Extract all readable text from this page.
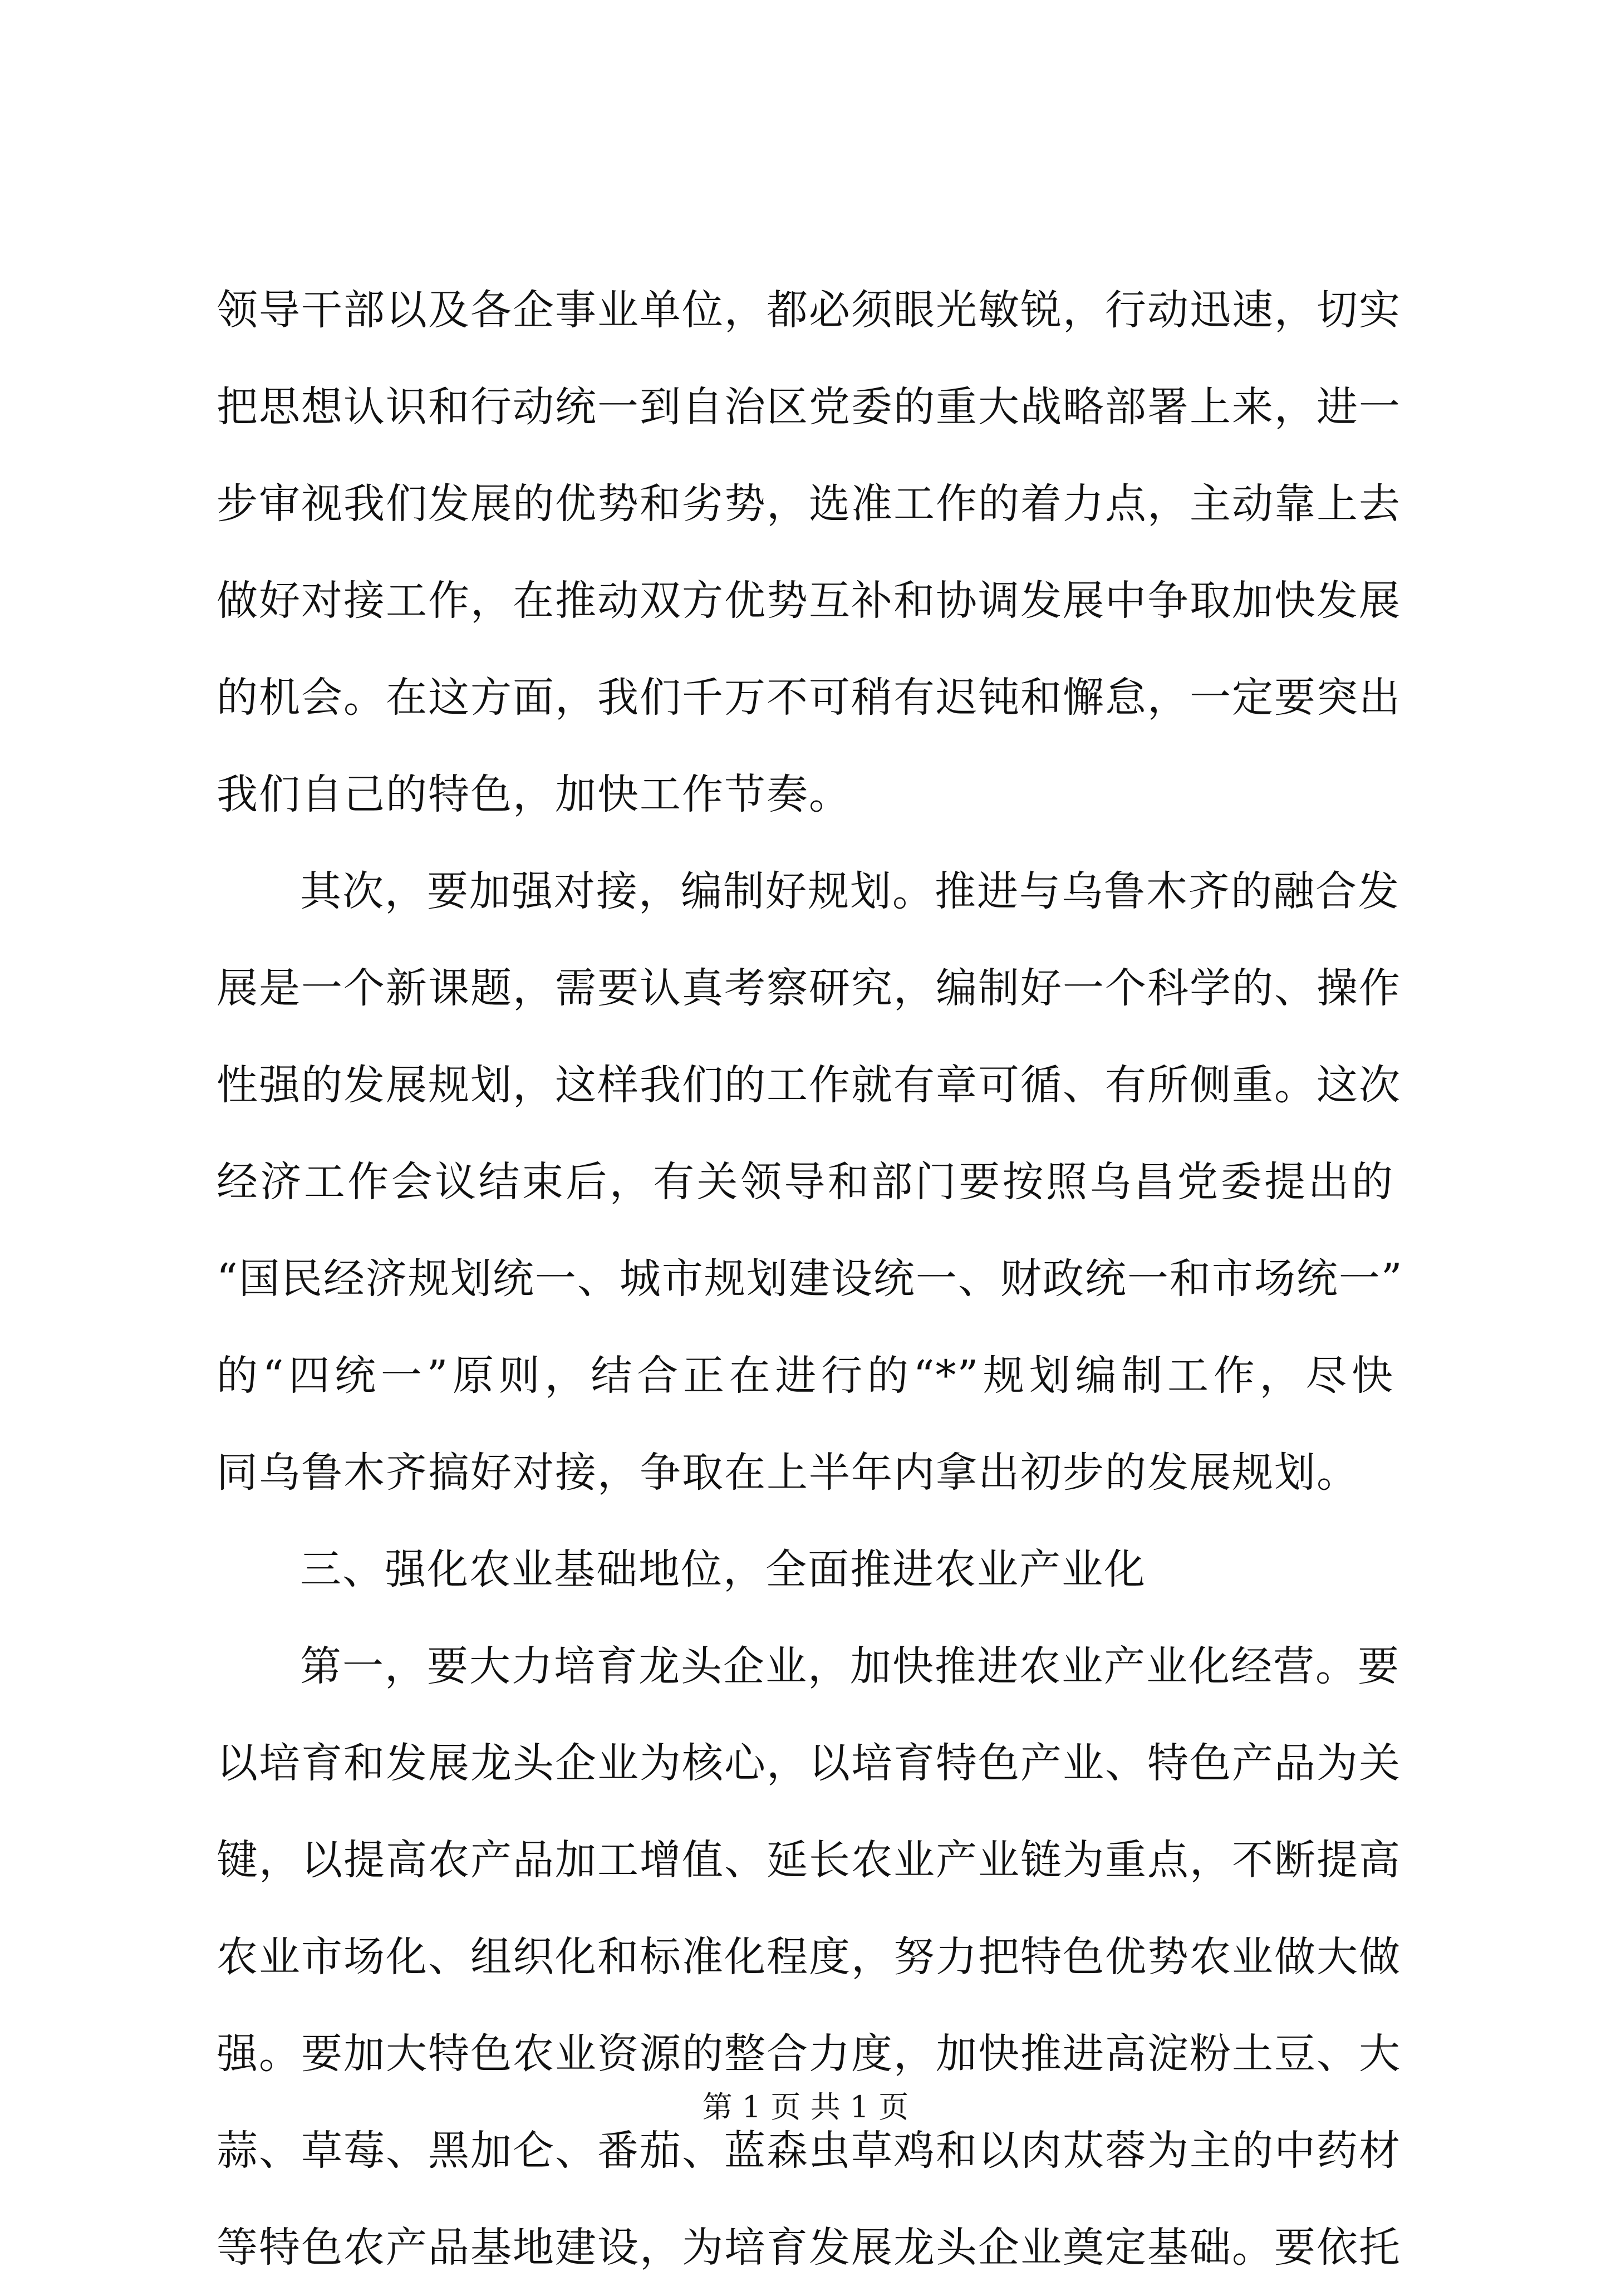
领导干部以及各企事业单位，都必须眼光敏锐，行动迅速，切实
把思想认识和行动统一到自治区党委的重大战略部署上来，进一
步审视我们发展的优势和劣势，选准工作的着力点，主动靠上去
做好对接工作，在推动双方优势互补和协调发展中争取加快发展
的机会。在这方面，我们千万不可稍有迟钝和懈怠，一定要突出
我们自己的特色，加快工作节奏。
其次，要加强对接，编制好规划。推进与乌鲁木齐的融合发
展是一个新课题，需要认真考察研究，编制好一个科学的、操作
性强的发展规划，这样我们的工作就有章可循、有所侧重。这次
经济工作会议结束后，有关领导和部门要按照乌昌党委提出的
“国民经济规划统一、城市规划建设统一、财政统一和市场统一”
的“四统一”原则，结合正在进行的“*”规划编制工作，尽快
同乌鲁木齐搞好对接，争取在上半年内拿出初步的发展规划。
三、强化农业基础地位，全面推进农业产业化
第一，要大力培育龙头企业，加快推进农业产业化经营。要
以培育和发展龙头企业为核心，以培育特色产业、特色产品为关
键，以提高农产品加工增值、延长农业产业链为重点，不断提高
农业市场化、组织化和标准化程度，努力把特色优势农业做大做
强。要加大特色农业资源的整合力度，加快推进高淀粉土豆、大
蒜、草莓、黑加仑、番茄、蓝森虫草鸡和以肉苁蓉为主的中药材
等特色农产品基地建设，为培育发展龙头企业奠定基础。要依托
第 1 页 共 1 页
